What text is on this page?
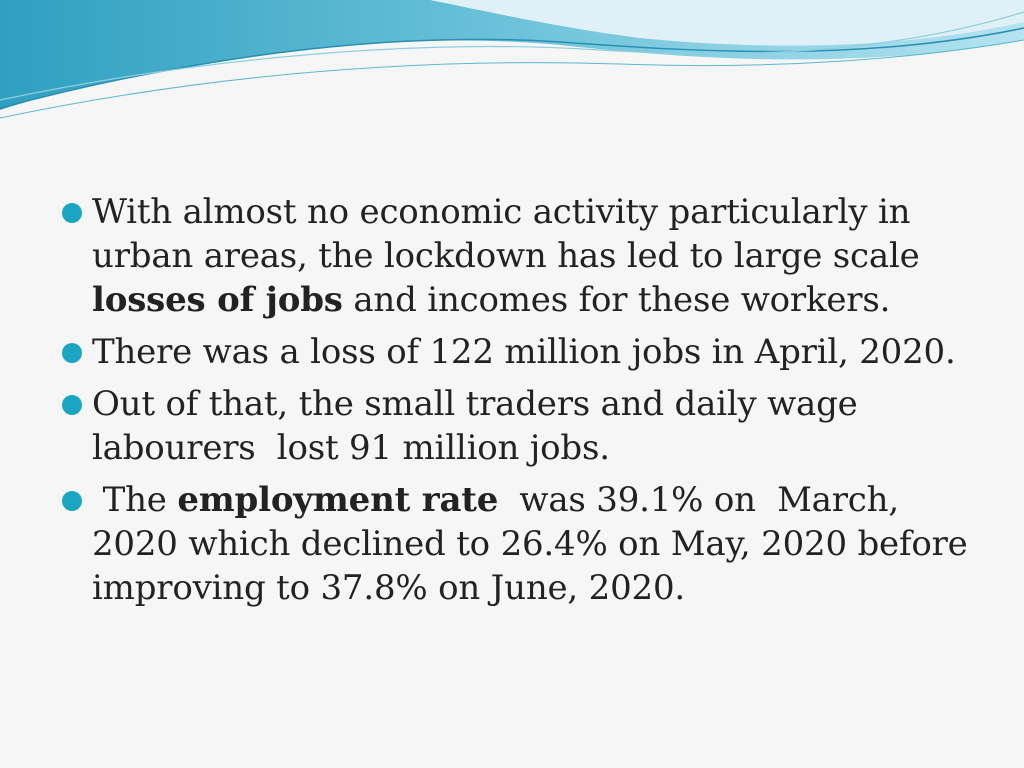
With almost no economic activity particularly in urban areas, the lockdown has led to large scale losses of jobs and incomes for these workers.
There was a loss of 122 million jobs in April, 2020.
Out of that, the small traders and daily wage labourers  lost 91 million jobs.
The employment rate  was 39.1% on  March, 2020 which declined to 26.4% on May, 2020 before improving to 37.8% on June, 2020.
